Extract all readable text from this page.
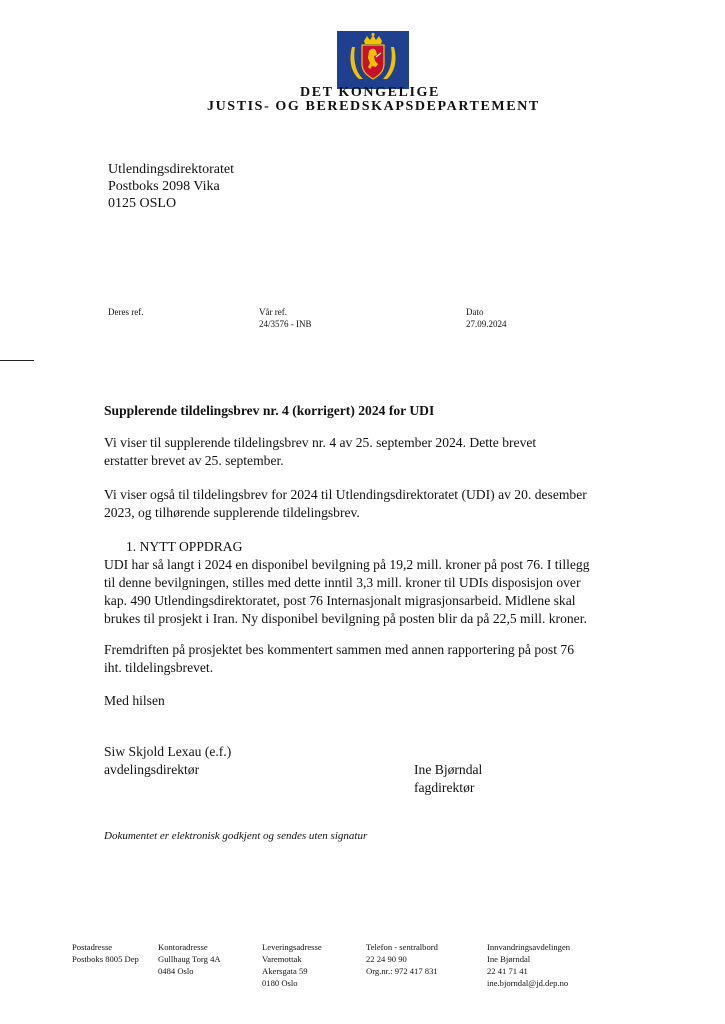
DET KONGELIGE
JUSTIS- OG BEREDSKAPSDEPARTEMENT
Utlendingsdirektoratet
Postboks 2098 Vika
0125 OSLO
Deres ref.	Vår ref.
24/3576 - INB
Dato
27.09.2024
Supplerende tildelingsbrev nr. 4 (korrigert) 2024 for UDI
Vi viser til supplerende tildelingsbrev nr. 4 av 25. september 2024. Dette brevet
erstatter brevet av 25. september.
Vi viser også til tildelingsbrev for 2024 til Utlendingsdirektoratet (UDI) av 20. desember
2023, og tilhørende supplerende tildelingsbrev.
1. NYTT OPPDRAG
UDI har så langt i 2024 en disponibel bevilgning på 19,2 mill. kroner på post 76. I tillegg
til denne bevilgningen, stilles med dette inntil 3,3 mill. kroner til UDIs disposisjon over
kap. 490 Utlendingsdirektoratet, post 76 Internasjonalt migrasjonsarbeid. Midlene skal
brukes til prosjekt i Iran. Ny disponibel bevilgning på posten blir da på 22,5 mill. kroner.
Fremdriften på prosjektet bes kommentert sammen med annen rapportering på post 76
iht. tildelingsbrevet.
Med hilsen
Siw Skjold Lexau (e.f.)
avdelingsdirektør	Ine Bjørndal
fagdirektør
Dokumentet er elektronisk godkjent og sendes uten signatur
Postadresse
Postboks 8005 Dep
Kontoradresse
Gullhaug Torg 4A
0484 Oslo
Leveringsadresse
Varemottak
Akersgata 59
0180 Oslo
Telefon - sentralbord
22 24 90 90
Org.nr.: 972 417 831
Innvandringsavdelingen
Ine Bjørndal
22 41 71 41
ine.bjorndal@jd.dep.no
